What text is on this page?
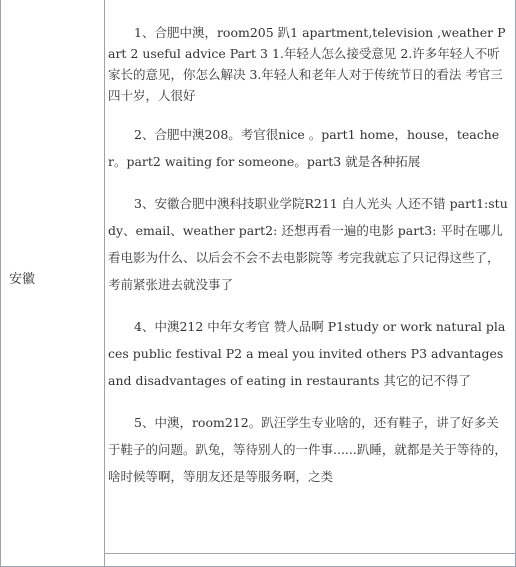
安徽

1、合肥中澳，room205 趴1 apartment,television ,weather Part 2 useful advice Part 3 1.年轻人怎么接受意见 2.许多年轻人不听家长的意见，你怎么解决 3.年轻人和老年人对于传统节日的看法 考官三四十岁，人很好

2、合肥中澳208。考官很nice 。part1 home，house，teacher。part2 waiting for someone。part3 就是各种拓展

3、安徽合肥中澳科技职业学院R211 白人光头 人还不错 part1:study、email、weather part2: 还想再看一遍的电影 part3: 平时在哪儿看电影为什么、以后会不会不去电影院等 考完我就忘了只记得这些了，考前紧张进去就没事了

4、中澳212 中年女考官 赞人品啊 P1study or work natural places public festival P2 a meal you invited others P3 advantages and disadvantages of eating in restaurants 其它的记不得了

5、中澳，room212。趴汪学生专业啥的，还有鞋子，讲了好多关于鞋子的问题。趴兔，等待别人的一件事......趴睡，就都是关于等待的，啥时候等啊，等朋友还是等服务啊，之类
